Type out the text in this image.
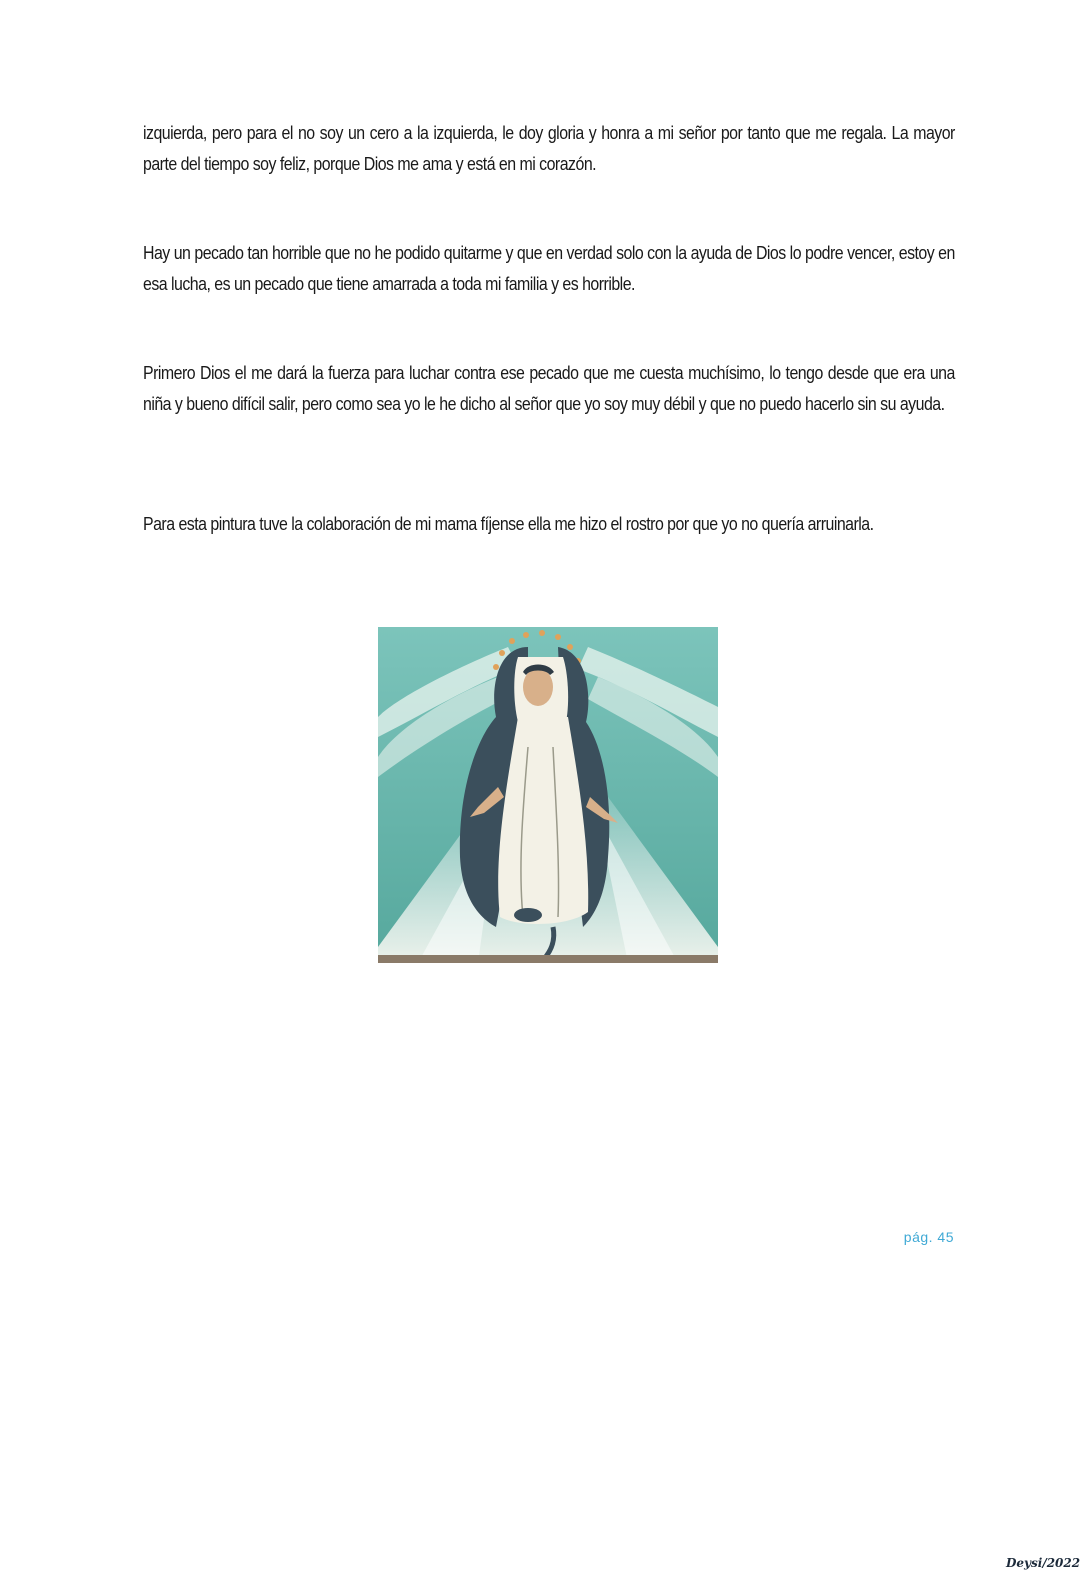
izquierda, pero para el no soy un cero a la izquierda, le doy gloria y honra a mi señor por tanto que me regala. La mayor parte del tiempo soy feliz, porque Dios me ama y está en mi corazón.

Hay un pecado tan horrible que no he podido quitarme y que en verdad solo con la ayuda de Dios lo podre vencer, estoy en esa lucha, es un pecado que tiene amarrada a toda mi familia y es horrible.

Primero Dios el me dará la fuerza para luchar contra ese pecado que me cuesta muchísimo, lo tengo desde que era una niña y bueno difícil salir, pero como sea yo le he dicho al señor que yo soy muy débil y que no puedo hacerlo sin su ayuda.

Para esta pintura tuve la colaboración de mi mama fíjense ella me hizo el rostro por que yo no quería arruinarla.

Deysi/2022
pág. 45
